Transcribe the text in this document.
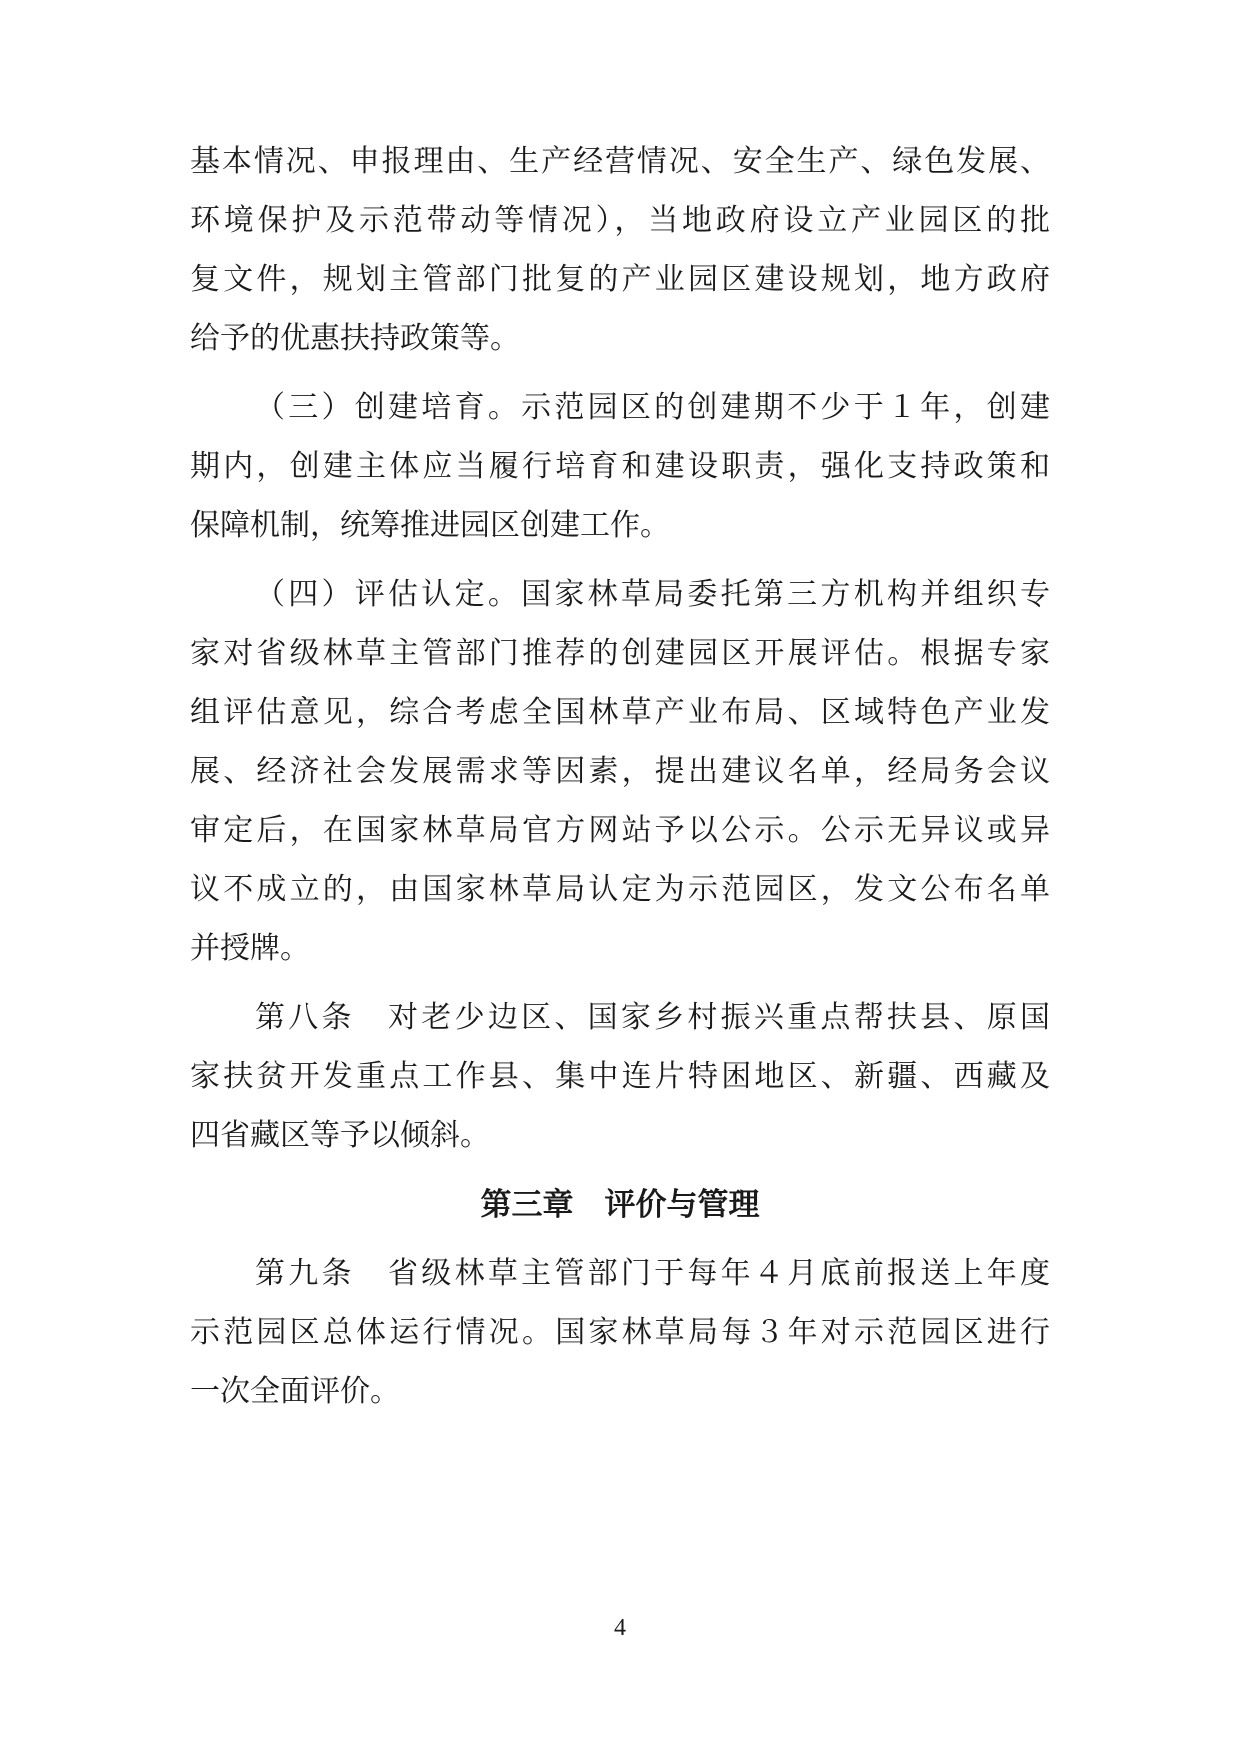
基本情况、申报理由、生产经营情况、安全生产、绿色发展、
环境保护及示范带动等情况），当地政府设立产业园区的批
复文件，规划主管部门批复的产业园区建设规划，地方政府
给予的优惠扶持政策等。
（三）创建培育。示范园区的创建期不少于１年，创建
期内，创建主体应当履行培育和建设职责，强化支持政策和
保障机制，统筹推进园区创建工作。
（四）评估认定。国家林草局委托第三方机构并组织专
家对省级林草主管部门推荐的创建园区开展评估。根据专家
组评估意见，综合考虑全国林草产业布局、区域特色产业发
展、经济社会发展需求等因素，提出建议名单，经局务会议
审定后，在国家林草局官方网站予以公示。公示无异议或异
议不成立的，由国家林草局认定为示范园区，发文公布名单
并授牌。
第八条　对老少边区、国家乡村振兴重点帮扶县、原国
家扶贫开发重点工作县、集中连片特困地区、新疆、西藏及
四省藏区等予以倾斜。
第三章　评价与管理
第九条　省级林草主管部门于每年４月底前报送上年度
示范园区总体运行情况。国家林草局每３年对示范园区进行
一次全面评价。
4
